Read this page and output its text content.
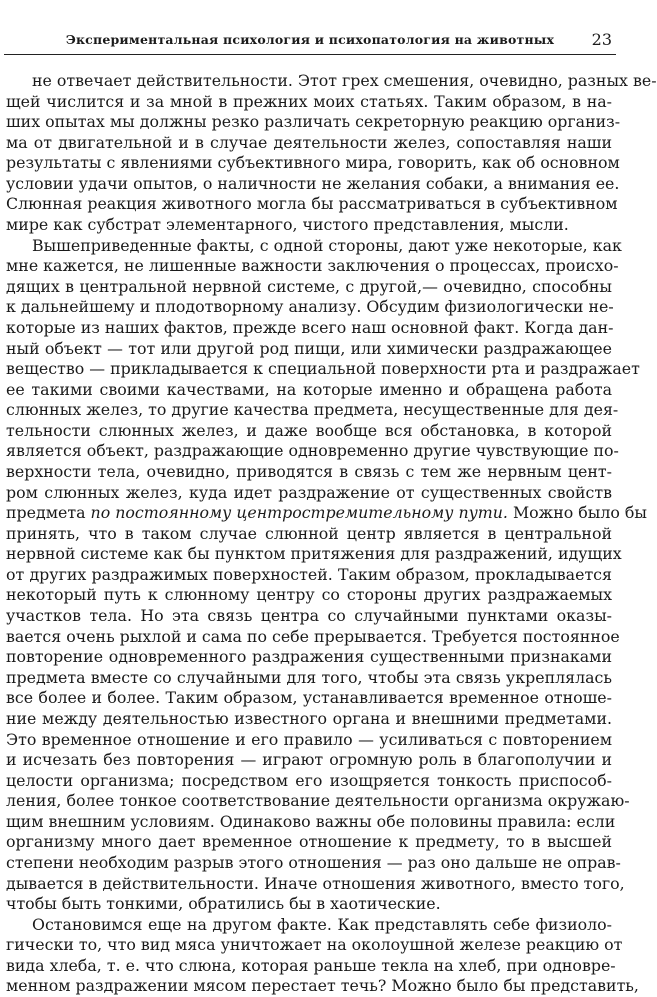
Экспериментальная психология и психопатология на животных	23
не отвечает действительности. Этот грех смешения, очевидно, разных ве-
щей числится и за мной в прежних моих статьях. Таким образом, в на-
ших опытах мы должны резко различать секреторную реакцию организ-
ма от двигательной и в случае деятельности желез, сопоставляя наши
результаты с явлениями субъективного мира, говорить, как об основном
условии удачи опытов, о наличности не желания собаки, а внимания ее.
Слюнная реакция животного могла бы рассматриваться в субъективном
мире как субстрат элементарного, чистого представления, мысли.
Вышеприведенные факты, с одной стороны, дают уже некоторые, как
мне кажется, не лишенные важности заключения о процессах, происхо-
дящих в центральной нервной системе, с другой,— очевидно, способны
к дальнейшему и плодотворному анализу. Обсудим физиологически не-
которые из наших фактов, прежде всего наш основной факт. Когда дан-
ный объект — тот или другой род пищи, или химически раздражающее
вещество — прикладывается к специальной поверхности рта и раздражает
ее такими своими качествами, на которые именно и обращена работа
слюнных желез, то другие качества предмета, несущественные для дея-
тельности слюнных желез, и даже вообще вся обстановка, в которой
является объект, раздражающие одновременно другие чувствующие по-
верхности тела, очевидно, приводятся в связь с тем же нервным цент-
ром слюнных желез, куда идет раздражение от существенных свойств
предмета по постоянному центростремительному пути. Можно было бы
принять, что в таком случае слюнной центр является в центральной
нервной системе как бы пунктом притяжения для раздражений, идущих
от других раздражимых поверхностей. Таким образом, прокладывается
некоторый путь к слюнному центру со стороны других раздражаемых
участков тела. Но эта связь центра со случайными пунктами оказы-
вается очень рыхлой и сама по себе прерывается. Требуется постоянное
повторение одновременного раздражения существенными признаками
предмета вместе со случайными для того, чтобы эта связь укреплялась
все более и более. Таким образом, устанавливается временное отноше-
ние между деятельностью известного органа и внешними предметами.
Это временное отношение и его правило — усиливаться с повторением
и исчезать без повторения — играют огромную роль в благополучии и
целости организма; посредством его изощряется тонкость приспособ-
ления, более тонкое соответствование деятельности организма окружаю-
щим внешним условиям. Одинаково важны обе половины правила: если
организму много дает временное отношение к предмету, то в высшей
степени необходим разрыв этого отношения — раз оно дальше не оправ-
дывается в действительности. Иначе отношения животного, вместо того,
чтобы быть тонкими, обратились бы в хаотические.
Остановимся еще на другом факте. Как представлять себе физиоло-
гически то, что вид мяса уничтожает на околоушной железе реакцию от
вида хлеба, т. е. что слюна, которая раньше текла на хлеб, при одновре-
менном раздражении мясом перестает течь? Можно было бы представить,
